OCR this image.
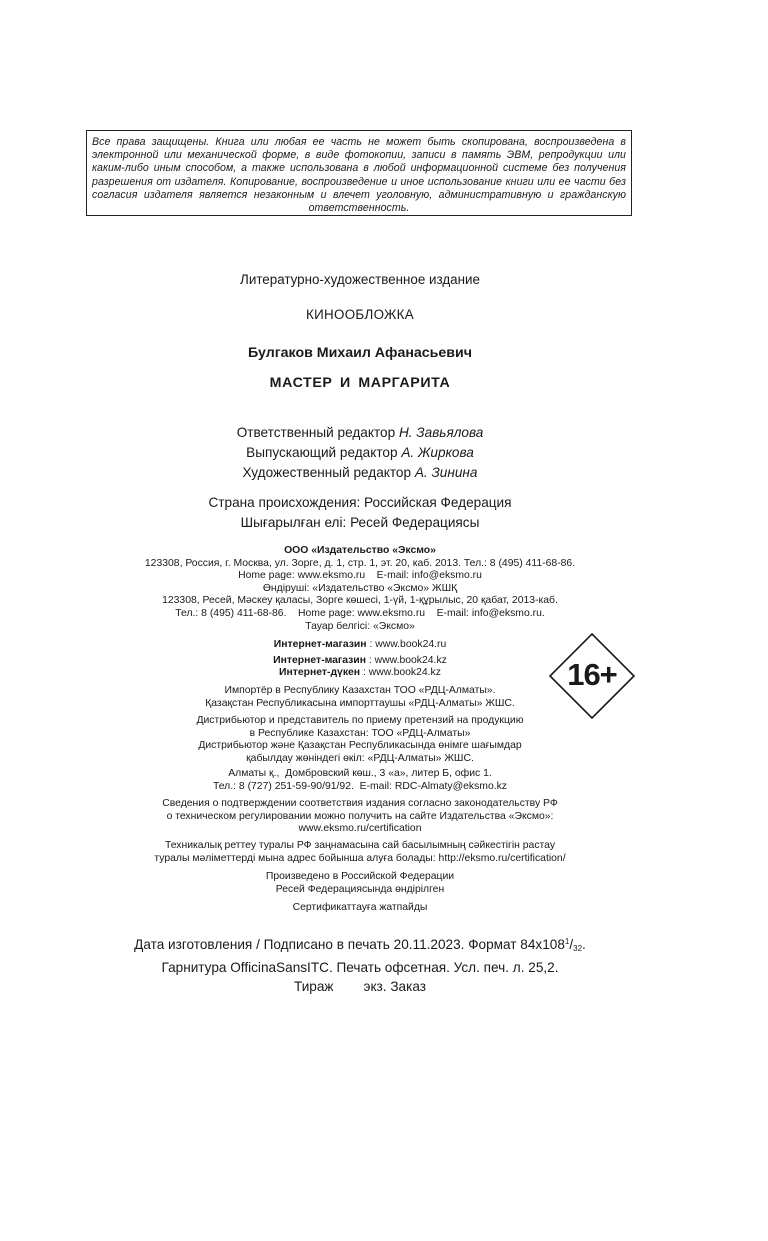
Все права защищены. Книга или любая ее часть не может быть скопирована, воспроизведена в электронной или механической форме, в виде фотокопии, записи в память ЭВМ, репродукции или каким-либо иным способом, а также использована в любой информационной системе без получения разрешения от издателя. Копирование, воспроизведение и иное использование книги или ее части без согласия издателя является незаконным и влечет уголовную, административную и гражданскую ответственность.

Литературно-художественное издание
КИНООБЛОЖКА
Булгаков Михаил Афанасьевич
МАСТЕР И МАРГАРИТА
Ответственный редактор Н. Завьялова
Выпускающий редактор А. Жиркова
Художественный редактор А. Зинина
Страна происхождения: Российская Федерация
Шығарылған елі: Ресей Федерациясы
ООО «Издательство «Эксмо»
123308, Россия, г. Москва, ул. Зорге, д. 1, стр. 1, эт. 20, каб. 2013. Тел.: 8 (495) 411-68-86.
Home page: www.eksmo.ru    E-mail: info@eksmo.ru
Өндіруші: «Издательство «Эксмо» ЖШҚ
123308, Ресей, Мәскеу қаласы, Зорге көшесі, 1-үй, 1-құрылыс, 20 қабат, 2013-каб.
Тел.: 8 (495) 411-68-86.    Home page: www.eksmo.ru    E-mail: info@eksmo.ru.
Тауар белгісі: «Эксмо»
Интернет-магазин : www.book24.ru
Интернет-магазин : www.book24.kz
Интернет-дүкен : www.book24.kz
Импортёр в Республику Казахстан ТОО «РДЦ-Алматы».
Қазақстан Республикасына импорттаушы «РДЦ-Алматы» ЖШС.
Дистрибьютор и представитель по приему претензий на продукцию
в Республике Казахстан: ТОО «РДЦ-Алматы»
Дистрибьютор және Қазақстан Республикасында өнімге шағымдар
қабылдау жөніндегі өкіл: «РДЦ-Алматы» ЖШС.
Алматы қ.,  Домбровский көш., 3 «а», литер Б, офис 1.
Тел.: 8 (727) 251-59-90/91/92.  E-mail: RDC-Almaty@eksmo.kz
Сведения о подтверждении соответствия издания согласно законодательству РФ
о техническом регулировании можно получить на сайте Издательства «Эксмо»:
www.eksmo.ru/certification
Техникалық реттеу туралы РФ заңнамасына сай басылымның сәйкестігін растау
туралы мәліметтерді мына адрес бойынша алуға болады: http://eksmo.ru/certification/
Произведено в Российской Федерации
Ресей Федерациясында өндірілген
Сертификаттауға жатпайды
Дата изготовления / Подписано в печать 20.11.2023. Формат $84х108^1/_{32}$.
Гарнитура OfficinaSansITC. Печать офсетная. Усл. печ. л. 25,2.
Тираж экз. Заказ
16+
